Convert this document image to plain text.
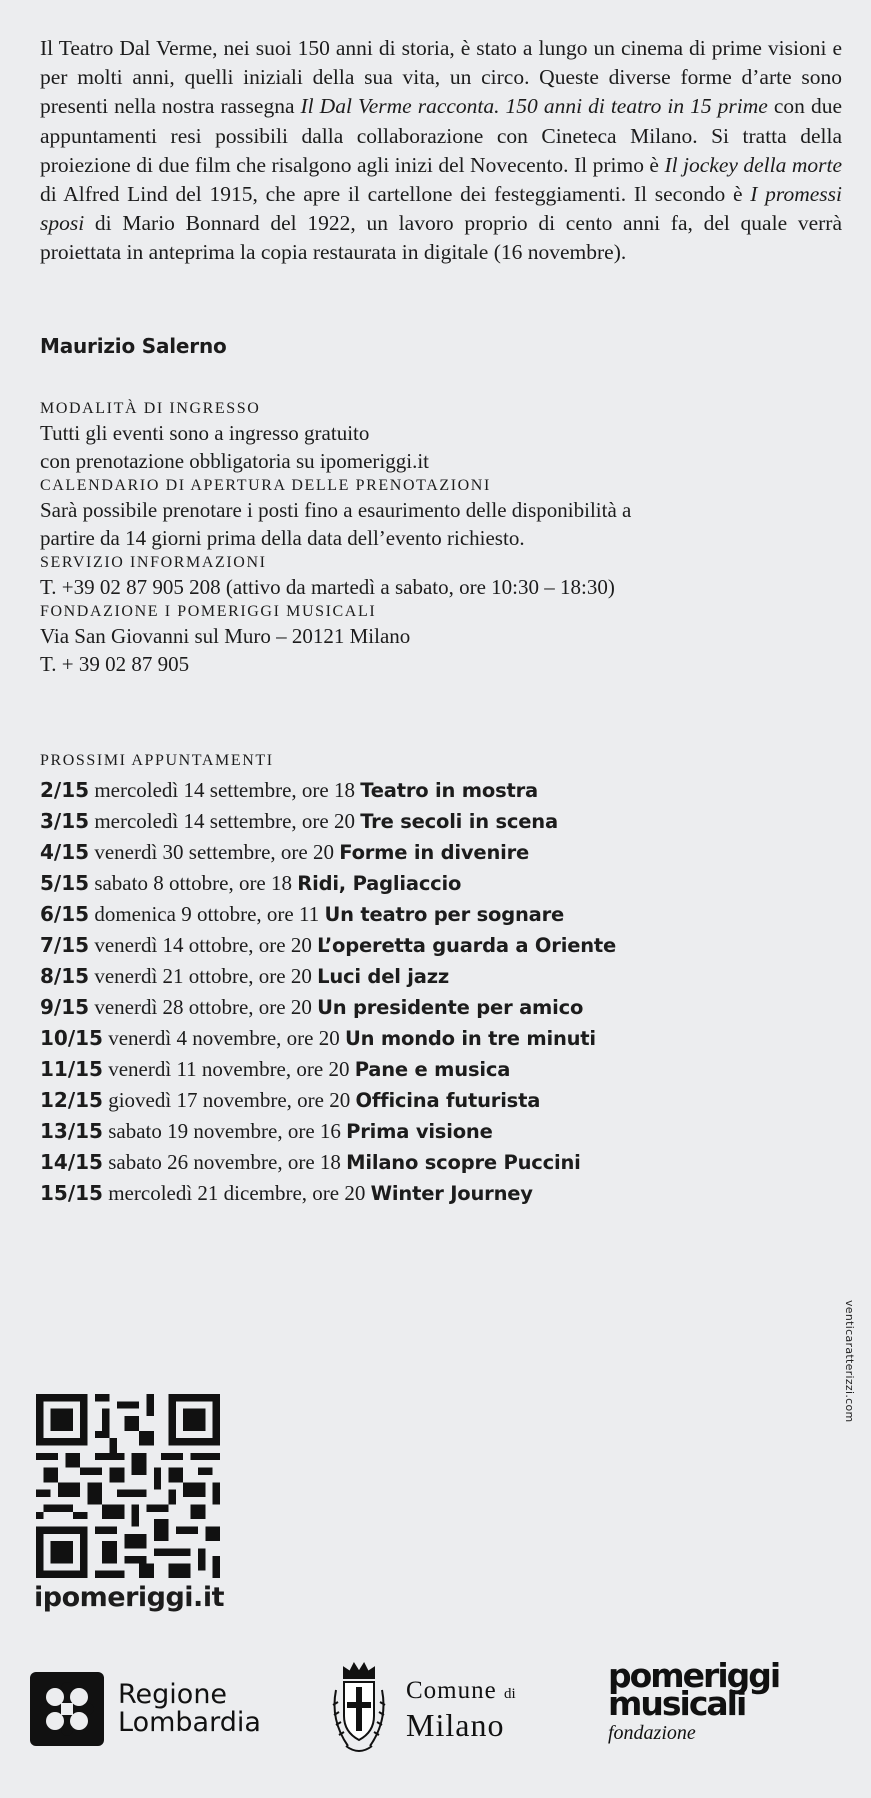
Il Teatro Dal Verme, nei suoi 150 anni di storia, è stato a lungo un cinema di prime visioni e per molti anni, quelli iniziali della sua vita, un circo. Queste diverse forme d’arte sono presenti nella nostra rassegna Il Dal Verme racconta. 150 anni di teatro in 15 prime con due appuntamenti resi possibili dalla collaborazione con Cineteca Milano. Si tratta della proiezione di due film che risalgono agli inizi del Novecento. Il primo è Il jockey della morte di Alfred Lind del 1915, che apre il cartellone dei festeggiamenti. Il secondo è I promessi sposi di Mario Bonnard del 1922, un lavoro proprio di cento anni fa, del quale verrà proiettata in anteprima la copia restaurata in digitale (16 novembre).
Maurizio Salerno

MODALITÀ DI INGRESSO

Tutti gli eventi sono a ingresso gratuito

con prenotazione obbligatoria su ipomeriggi.it

CALENDARIO DI APERTURA DELLE PRENOTAZIONI

Sarà possibile prenotare i posti fino a esaurimento delle disponibilità a

partire da 14 giorni prima della data dell’evento richiesto.

SERVIZIO INFORMAZIONI

T. +39 02 87 905 208 (attivo da martedì a sabato, ore 10:30 – 18:30)

FONDAZIONE I POMERIGGI MUSICALI

Via San Giovanni sul Muro – 20121 Milano

T. + 39 02 87 905

PROSSIMI APPUNTAMENTI

2/15 mercoledì 14 settembre, ore 18 Teatro in mostra
3/15 mercoledì 14 settembre, ore 20 Tre secoli in scena
4/15 venerdì 30 settembre, ore 20 Forme in divenire
5/15 sabato 8 ottobre, ore 18 Ridi, Pagliaccio
6/15 domenica 9 ottobre, ore 11 Un teatro per sognare
7/15 venerdì 14 ottobre, ore 20 L’operetta guarda a Oriente
8/15 venerdì 21 ottobre, ore 20 Luci del jazz
9/15 venerdì 28 ottobre, ore 20 Un presidente per amico
10/15 venerdì 4 novembre, ore 20 Un mondo in tre minuti
11/15 venerdì 11 novembre, ore 20 Pane e musica
12/15 giovedì 17 novembre, ore 20 Officina futurista
13/15 sabato 19 novembre, ore 16 Prima visione
14/15 sabato 26 novembre, ore 18 Milano scopre Puccini
15/15 mercoledì 21 dicembre, ore 20 Winter Journey
venticaratterizzi.com
ipomeriggi.it
Regione
Lombardia
Comune di
Milano
pomeriggi
musicali
fondazione
